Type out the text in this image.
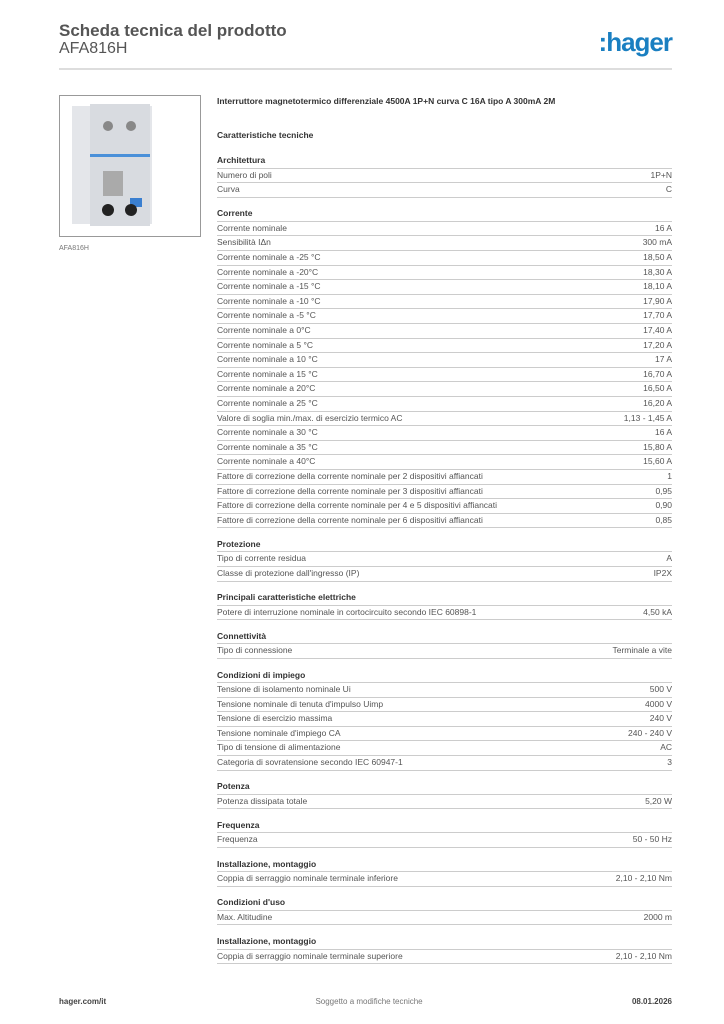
Scheda tecnica del prodotto
AFA816H	:hager
AFA816H
Interruttore magnetotermico differenziale 4500A 1P+N curva C 16A tipo A 300mA 2M
Caratteristiche tecniche
Architettura
Numero di poli	1P+N
Curva	C
Corrente
Corrente nominale	16 A
Sensibilità IΔn	300 mA
Corrente nominale a -25 °C	18,50 A
Corrente nominale a -20°C	18,30 A
Corrente nominale a -15 °C	18,10 A
Corrente nominale a -10 °C	17,90 A
Corrente nominale a -5 °C	17,70 A
Corrente nominale a 0°C	17,40 A
Corrente nominale a 5 °C	17,20 A
Corrente nominale a 10 °C	17 A
Corrente nominale a 15 °C	16,70 A
Corrente nominale a 20°C	16,50 A
Corrente nominale a 25 °C	16,20 A
Valore di soglia min./max. di esercizio termico AC	1,13 - 1,45 A
Corrente nominale a 30 °C	16 A
Corrente nominale a 35 °C	15,80 A
Corrente nominale a 40°C	15,60 A
Fattore di correzione della corrente nominale per 2 dispositivi affiancati	1
Fattore di correzione della corrente nominale per 3 dispositivi affiancati	0,95
Fattore di correzione della corrente nominale per 4 e 5 dispositivi affiancati	0,90
Fattore di correzione della corrente nominale per 6 dispositivi affiancati	0,85
Protezione
Tipo di corrente residua	A
Classe di protezione dall'ingresso (IP)	IP2X
Principali caratteristiche elettriche
Potere di interruzione nominale in cortocircuito secondo IEC 60898-1	4,50 kA
Connettività
Tipo di connessione	Terminale a vite
Condizioni di impiego
Tensione di isolamento nominale Ui	500 V
Tensione nominale di tenuta d'impulso Uimp	4000 V
Tensione di esercizio massima	240 V
Tensione nominale d'impiego CA	240 - 240 V
Tipo di tensione di alimentazione	AC
Categoria di sovratensione secondo IEC 60947-1	3
Potenza
Potenza dissipata totale	5,20 W
Frequenza
Frequenza	50 - 50 Hz
Installazione, montaggio
Coppia di serraggio nominale terminale inferiore	2,10 - 2,10 Nm
Condizioni d'uso
Max. Altitudine	2000 m
Installazione, montaggio
Coppia di serraggio nominale terminale superiore	2,10 - 2,10 Nm
hager.com/it	Soggetto a modifiche tecniche	08.01.2026
